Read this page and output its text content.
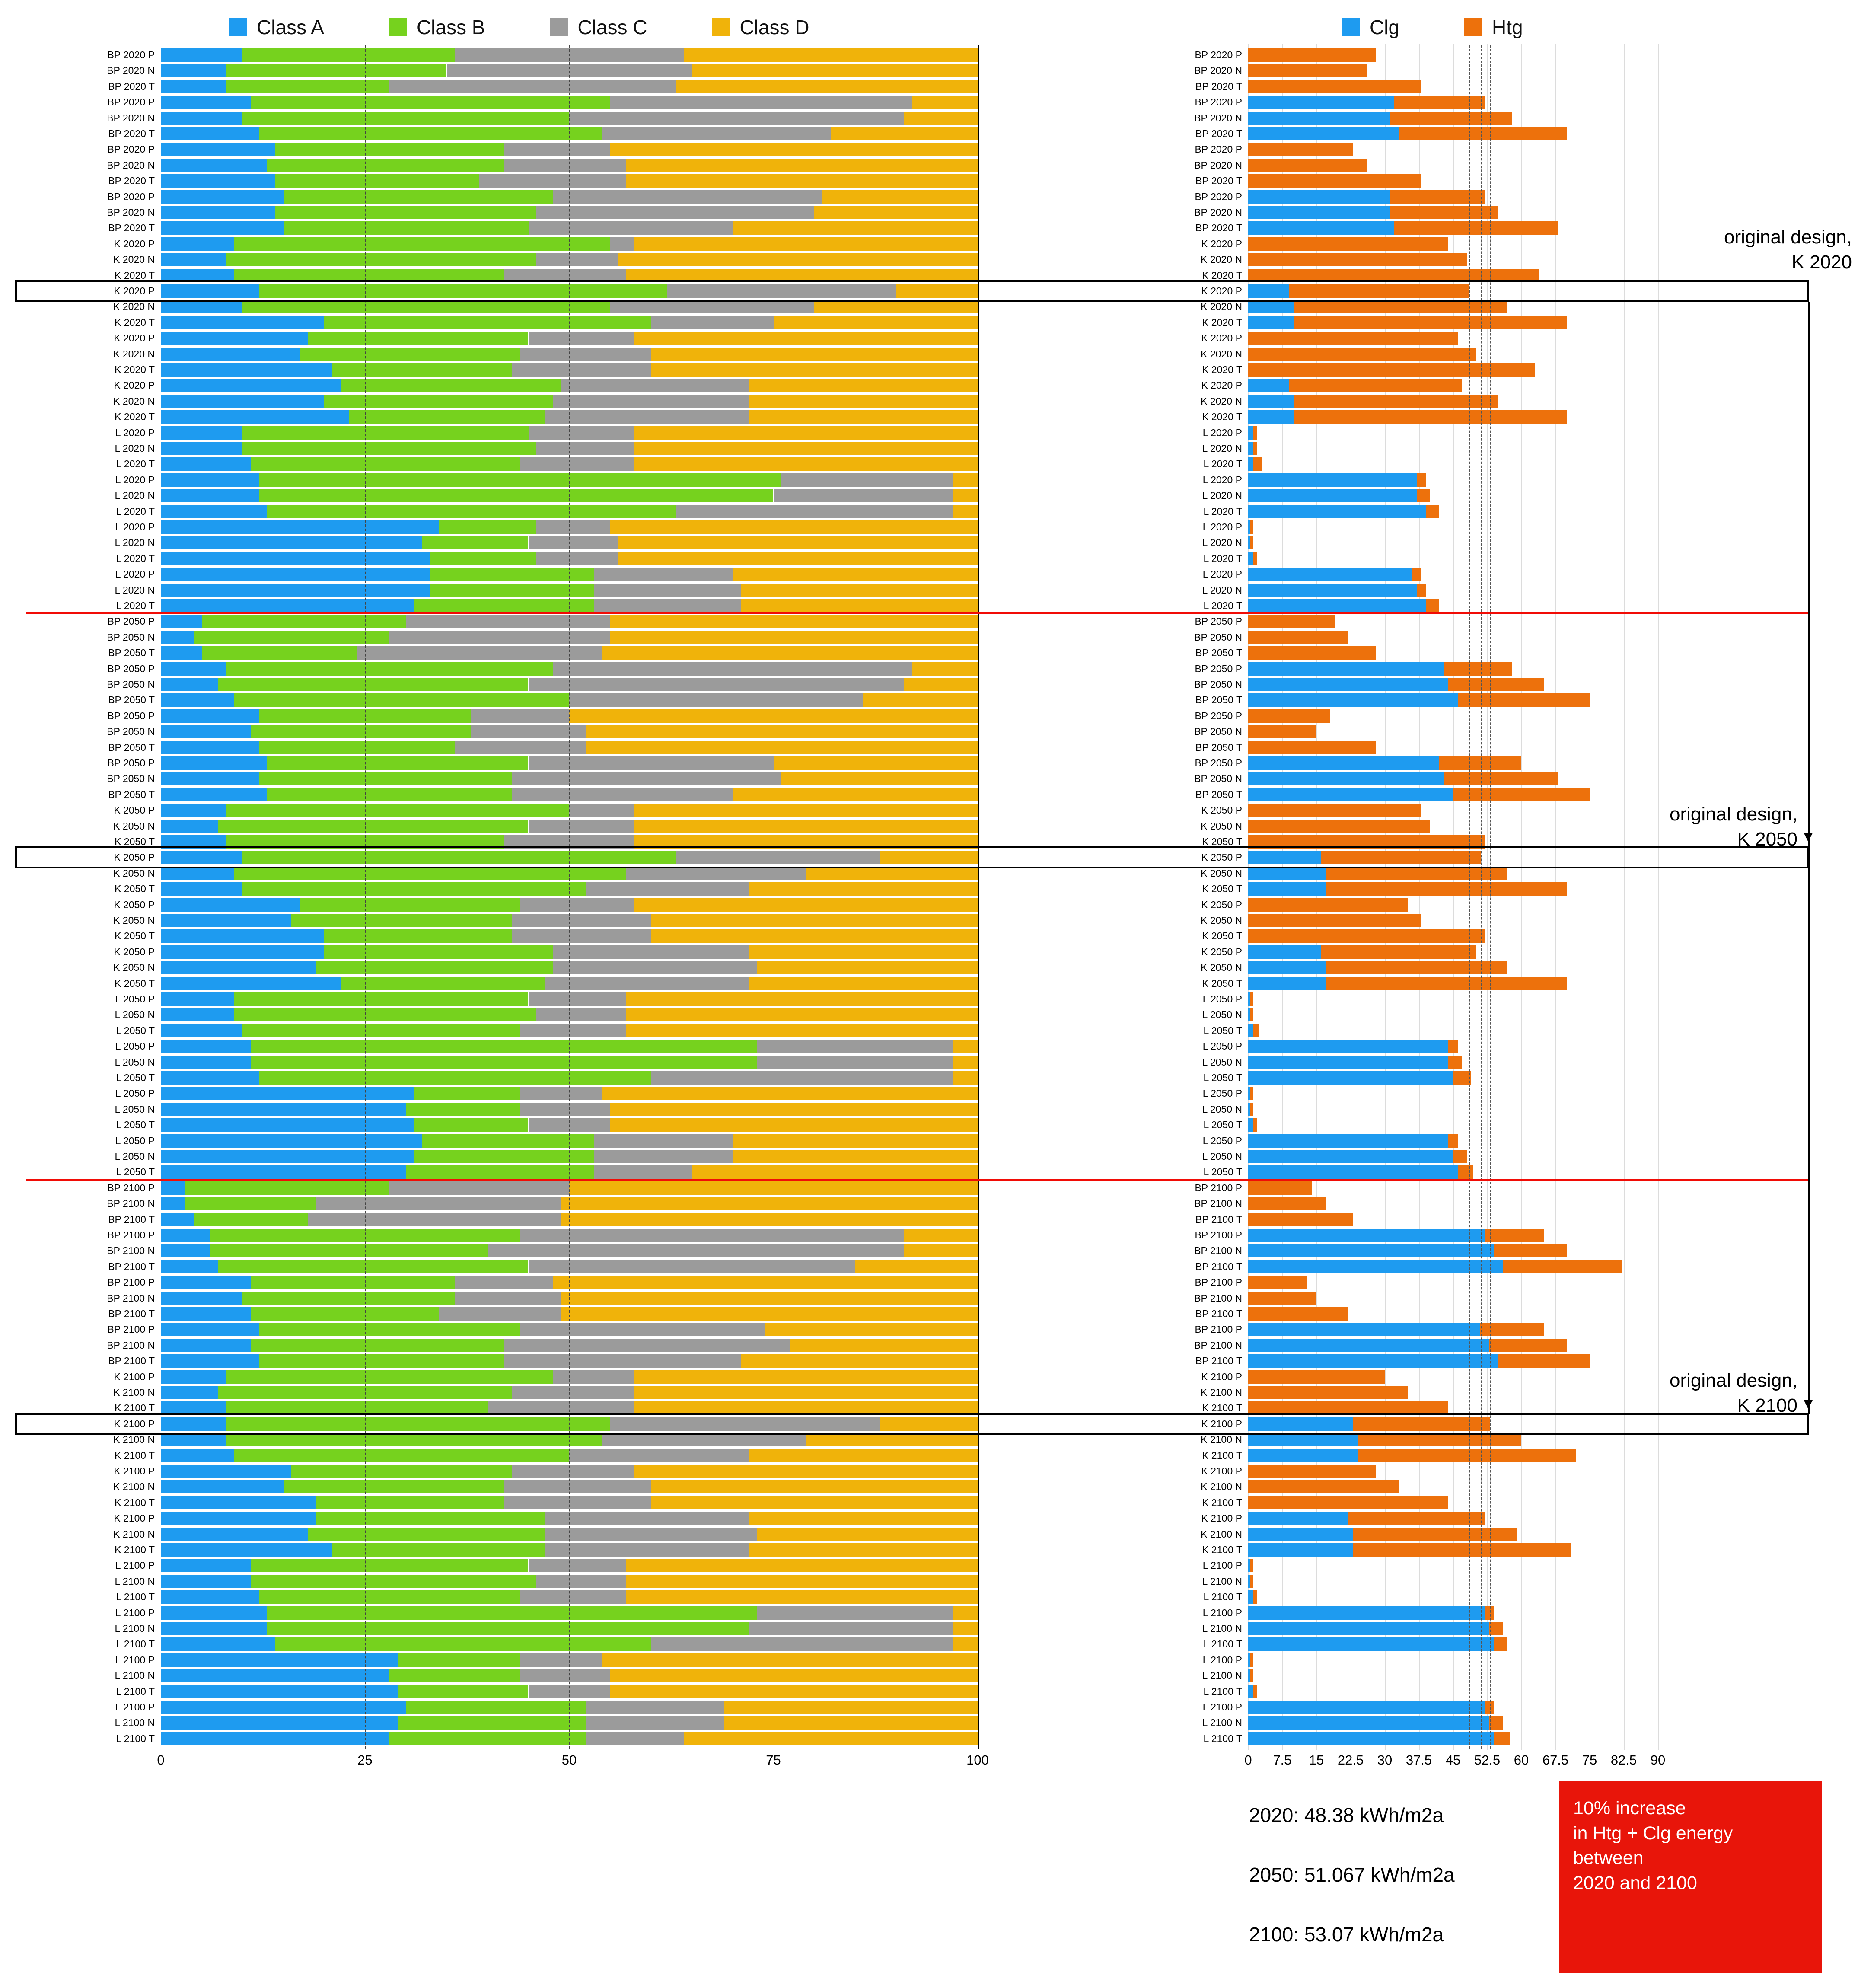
Class A	Class B	Class C	Class D	Clg	Htg
original design,
K 2020
original design,
K 2050
original design,
K 2100
▼
▼
2020: 48.38 kWh/m2a
2050: 51.067 kWh/m2a
2100: 53.07 kWh/m2a
10% increase
in Htg + Clg energy
between
2020 and 2100
BP 2020 P
BP 2020 N
BP 2020 T
BP 2020 P
BP 2020 N
BP 2020 T
BP 2020 P
BP 2020 N
BP 2020 T
BP 2020 P
BP 2020 N
BP 2020 T
K 2020 P
K 2020 N
K 2020 T
K 2020 P
K 2020 N
K 2020 T
K 2020 P
K 2020 N
K 2020 T
K 2020 P
K 2020 N
K 2020 T
L 2020 P
L 2020 N
L 2020 T
L 2020 P
L 2020 N
L 2020 T
L 2020 P
L 2020 N
L 2020 T
L 2020 P
L 2020 N
L 2020 T
BP 2050 P
BP 2050 N
BP 2050 T
BP 2050 P
BP 2050 N
BP 2050 T
BP 2050 P
BP 2050 N
BP 2050 T
BP 2050 P
BP 2050 N
BP 2050 T
K 2050 P
K 2050 N
K 2050 T
K 2050 P
K 2050 N
K 2050 T
K 2050 P
K 2050 N
K 2050 T
K 2050 P
K 2050 N
K 2050 T
L 2050 P
L 2050 N
L 2050 T
L 2050 P
L 2050 N
L 2050 T
L 2050 P
L 2050 N
L 2050 T
L 2050 P
L 2050 N
L 2050 T
BP 2100 P
BP 2100 N
BP 2100 T
BP 2100 P
BP 2100 N
BP 2100 T
BP 2100 P
BP 2100 N
BP 2100 T
BP 2100 P
BP 2100 N
BP 2100 T
K 2100 P
K 2100 N
K 2100 T
K 2100 P
K 2100 N
K 2100 T
K 2100 P
K 2100 N
K 2100 T
K 2100 P
K 2100 N
K 2100 T
L 2100 P
L 2100 N
L 2100 T
L 2100 P
L 2100 N
L 2100 T
L 2100 P
L 2100 N
L 2100 T
L 2100 P
L 2100 N
L 2100 T
0	25	50	75	100
BP 2020 P
BP 2020 N
BP 2020 T
BP 2020 P
BP 2020 N
BP 2020 T
BP 2020 P
BP 2020 N
BP 2020 T
BP 2020 P
BP 2020 N
BP 2020 T
K 2020 P
K 2020 N
K 2020 T
K 2020 P
K 2020 N
K 2020 T
K 2020 P
K 2020 N
K 2020 T
K 2020 P
K 2020 N
K 2020 T
L 2020 P
L 2020 N
L 2020 T
L 2020 P
L 2020 N
L 2020 T
L 2020 P
L 2020 N
L 2020 T
L 2020 P
L 2020 N
L 2020 T
BP 2050 P
BP 2050 N
BP 2050 T
BP 2050 P
BP 2050 N
BP 2050 T
BP 2050 P
BP 2050 N
BP 2050 T
BP 2050 P
BP 2050 N
BP 2050 T
K 2050 P
K 2050 N
K 2050 T
K 2050 P
K 2050 N
K 2050 T
K 2050 P
K 2050 N
K 2050 T
K 2050 P
K 2050 N
K 2050 T
L 2050 P
L 2050 N
L 2050 T
L 2050 P
L 2050 N
L 2050 T
L 2050 P
L 2050 N
L 2050 T
L 2050 P
L 2050 N
L 2050 T
BP 2100 P
BP 2100 N
BP 2100 T
BP 2100 P
BP 2100 N
BP 2100 T
BP 2100 P
BP 2100 N
BP 2100 T
BP 2100 P
BP 2100 N
BP 2100 T
K 2100 P
K 2100 N
K 2100 T
K 2100 P
K 2100 N
K 2100 T
K 2100 P
K 2100 N
K 2100 T
K 2100 P
K 2100 N
K 2100 T
L 2100 P
L 2100 N
L 2100 T
L 2100 P
L 2100 N
L 2100 T
L 2100 P
L 2100 N
L 2100 T
L 2100 P
L 2100 N
L 2100 T
0	7.5	15	22.5	30	37.5	45	52.5	60	67.5	75	82.5	90
